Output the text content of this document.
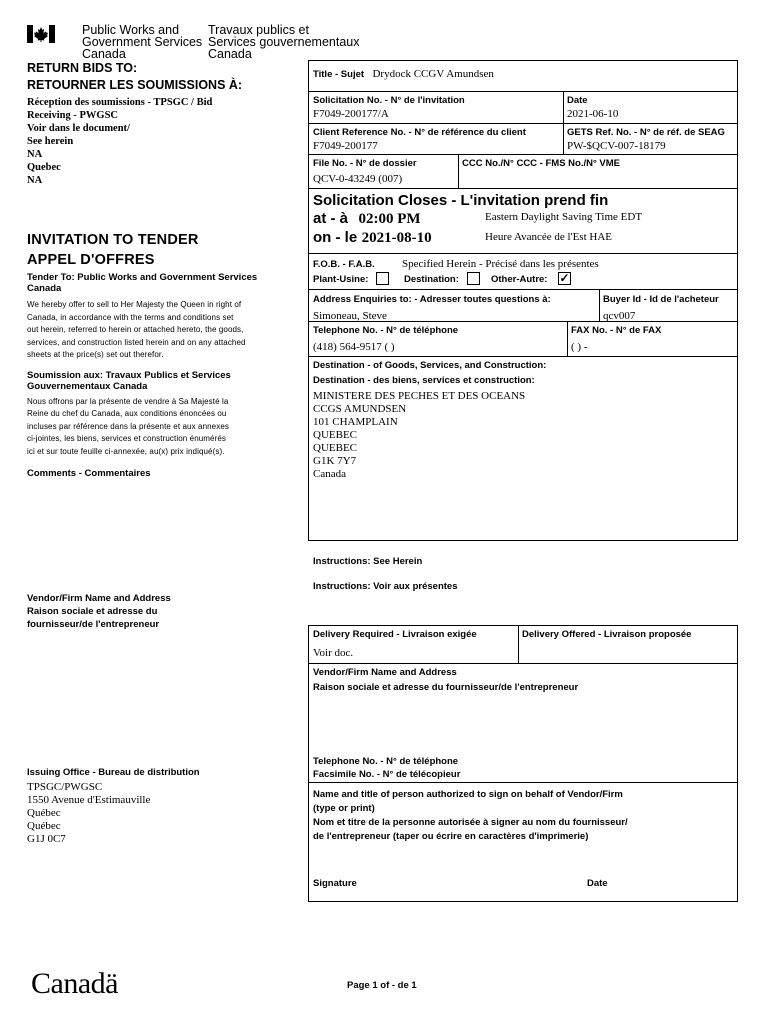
Public Works and
Government Services
Canada
Travaux publics et
Services gouvernementaux
Canada
RETURN BIDS TO:
RETOURNER LES SOUMISSIONS À:
Réception des soumissions - TPSGC / Bid
Receiving - PWGSC
Voir dans le document/
See herein
NA
Quebec
NA
INVITATION TO TENDER
APPEL D'OFFRES
Tender To: Public Works and Government Services
Canada
We hereby offer to sell to Her Majesty the Queen in right of
Canada, in accordance with the terms and conditions set
out herein, referred to herein or attached hereto, the goods,
services, and construction listed herein and on any attached
sheets at the price(s) set out therefor.
Soumission aux: Travaux Publics et Services
Gouvernementaux Canada
Nous offrons par la présente de vendre à Sa Majesté la
Reine du chef du Canada, aux conditions énoncées ou
incluses par référence dans la présente et aux annexes
ci-jointes, les biens, services et construction énumérés
ici et sur toute feuille ci-annexée, au(x) prix indiqué(s).
Comments - Commentaires
Vendor/Firm Name and Address
Raison sociale et adresse du
fournisseur/de l'entrepreneur
Issuing Office - Bureau de distribution
TPSGC/PWGSC
1550 Avenue d'Estimauville
Québec
Québec
G1J 0C7
Title - Sujet Drydock CCGV Amundsen
Solicitation No. - N° de l'invitation
F7049-200177/A
Date
2021-06-10
Client Reference No. - N° de référence du client
F7049-200177
GETS Ref. No. - N° de réf. de SEAG
PW-$QCV-007-18179
File No. - N° de dossier
QCV-0-43249 (007)
CCC No./N° CCC - FMS No./N° VME
Solicitation Closes - L'invitation prend fin
at - à 02:00 PM	Eastern Daylight Saving Time EDT
on - le 2021-08-10	Heure Avancée de l'Est HAE
F.O.B. - F.A.B. Specified Herein - Précisé dans les présentes
Plant-Usine:	Destination:	Other-Autre: ✓
Address Enquiries to: - Adresser toutes questions à:
Simoneau, Steve
Buyer Id - Id de l'acheteur
qcv007
Telephone No. - N° de téléphone
(418) 564-9517 ( )
FAX No. - N° de FAX
( ) -
Destination - of Goods, Services, and Construction:
Destination - des biens, services et construction:
MINISTERE DES PECHES ET DES OCEANS
CCGS AMUNDSEN
101 CHAMPLAIN
QUEBEC
QUEBEC
G1K 7Y7
Canada
Instructions: See Herein
Instructions: Voir aux présentes
Delivery Required - Livraison exigée
Voir doc.
Delivery Offered - Livraison proposée
Vendor/Firm Name and Address
Raison sociale et adresse du fournisseur/de l'entrepreneur
Telephone No. - N° de téléphone
Facsimile No. - N° de télécopieur
Name and title of person authorized to sign on behalf of Vendor/Firm
(type or print)
Nom et titre de la personne autorisée à signer au nom du fournisseur/
de l'entrepreneur (taper ou écrire en caractères d'imprimerie)
Signature	Date
Canadä	Page 1 of - de 1
